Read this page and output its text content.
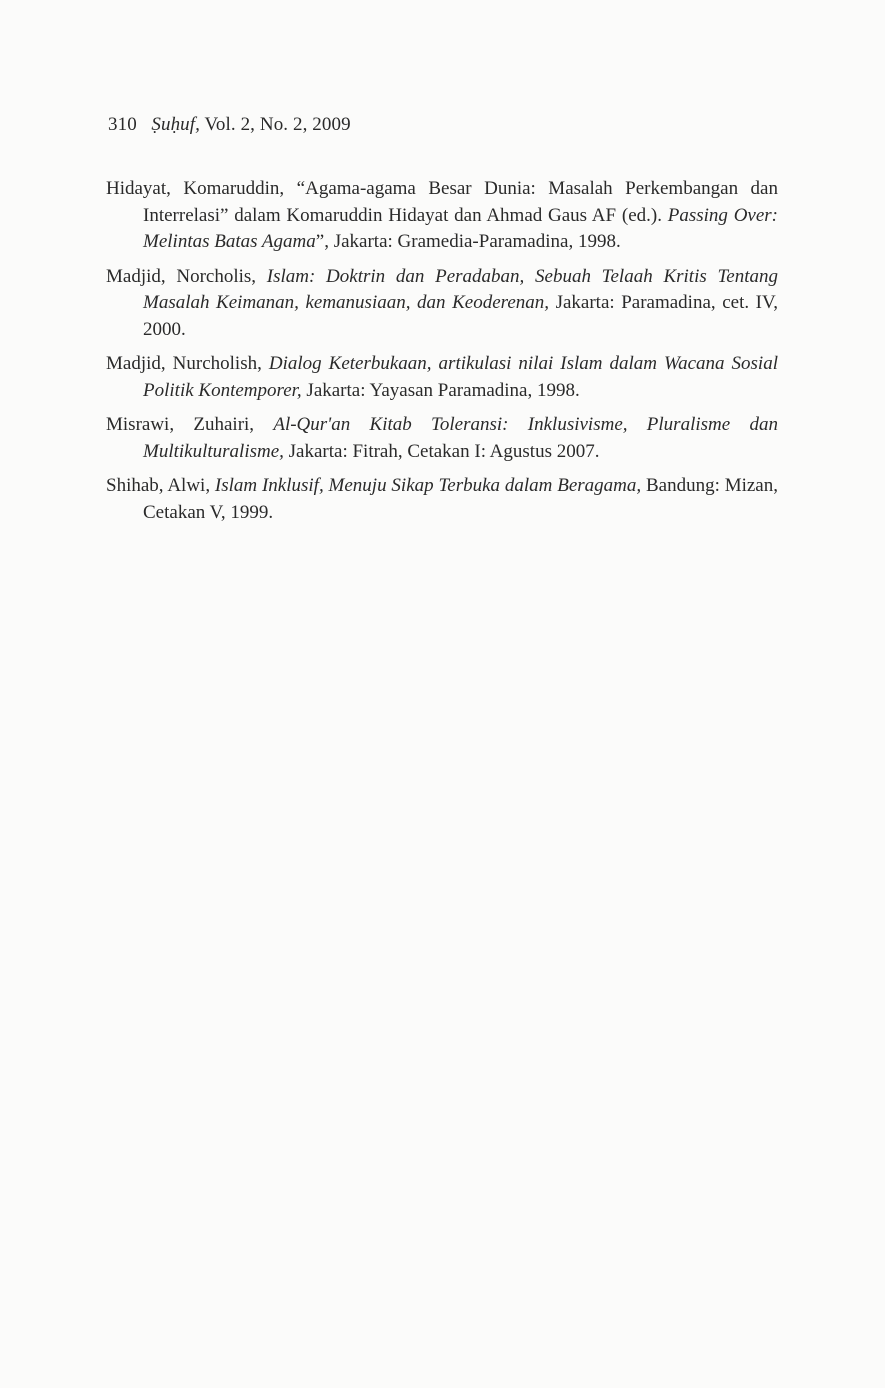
310 Ṣuḥuf, Vol. 2, No. 2, 2009
Hidayat, Komaruddin, “Agama-agama Besar Dunia: Masalah Perkembangan dan Interrelasi” dalam Komaruddin Hidayat dan Ahmad Gaus AF (ed.). Passing Over: Melintas Batas Agama”, Jakarta: Gramedia-Paramadina, 1998.
Madjid, Norcholis, Islam: Doktrin dan Peradaban, Sebuah Telaah Kritis Tentang Masalah Keimanan, kemanusiaan, dan Keoderenan, Jakarta: Paramadina, cet. IV, 2000.
Madjid, Nurcholish, Dialog Keterbukaan, artikulasi nilai Islam dalam Wacana Sosial Politik Kontemporer, Jakarta: Yayasan Paramadina, 1998.
Misrawi, Zuhairi, Al-Qur'an Kitab Toleransi: Inklusivisme, Pluralisme dan Multikulturalisme, Jakarta: Fitrah, Cetakan I: Agustus 2007.
Shihab, Alwi, Islam Inklusif, Menuju Sikap Terbuka dalam Beragama, Bandung: Mizan, Cetakan V, 1999.
